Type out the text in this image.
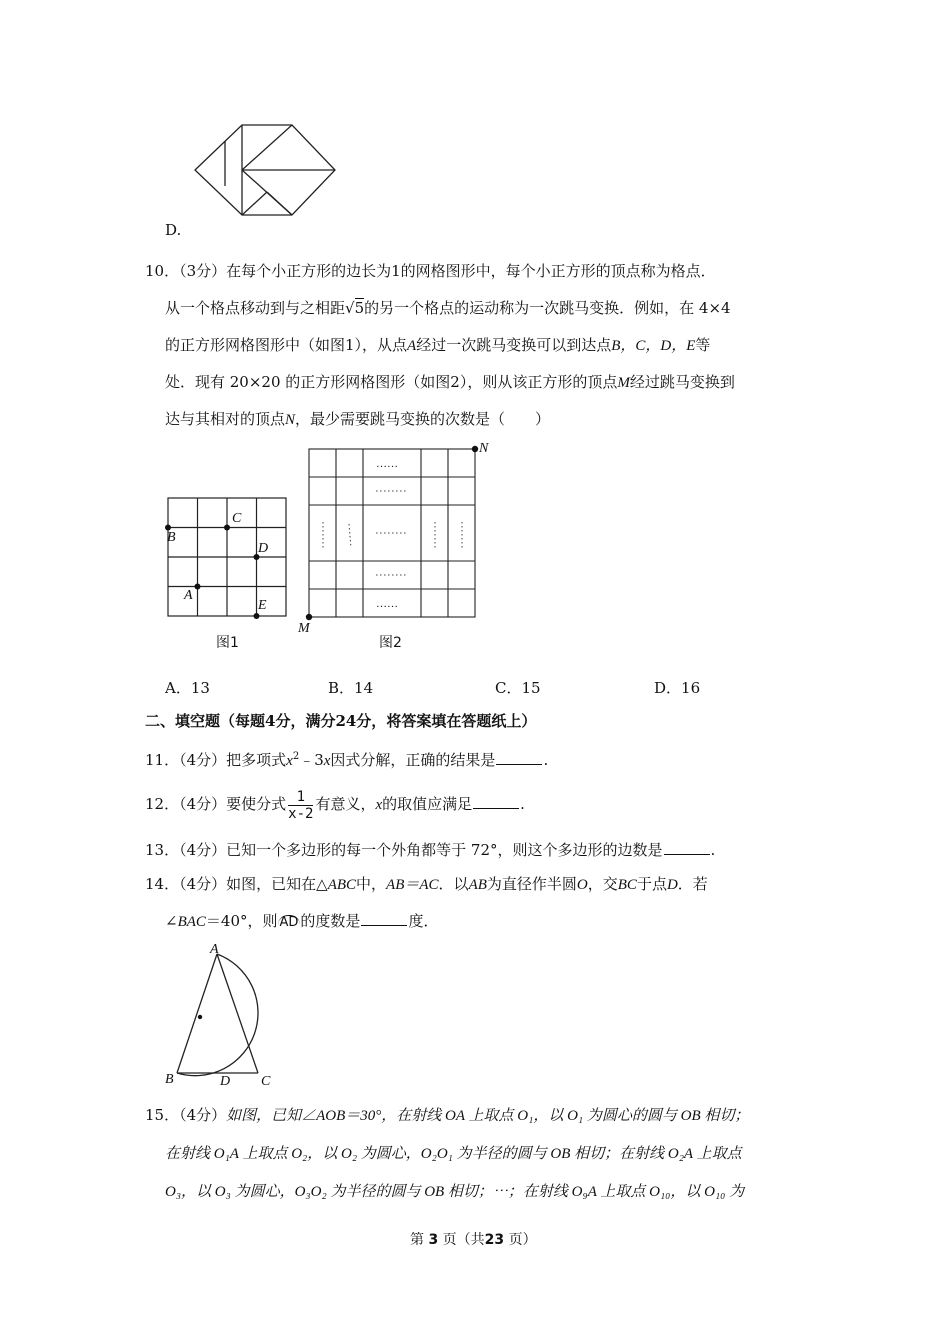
D.
10．（3分）在每个小正方形的边长为1的网格图形中，每个小正方形的顶点称为格点．
从一个格点移动到与之相距√5的另一个格点的运动称为一次跳马变换．例如，在 4×4
的正方形网格图形中（如图1），从点A经过一次跳马变换可以到达点B，C，D，E等
处．现有 20×20 的正方形网格图形（如图2），则从该正方形的顶点M经过跳马变换到
达与其相对的顶点N，最少需要跳马变换的次数是（　　）
B
C
D
A
E
图1
……
……
M
N
图2
A．13	B．14	C．15	D．16
二、填空题（每题4分，满分24分，将答案填在答题纸上）
11．（4分）把多项式$x^2﹣3x$因式分解，正确的结果是	.
12．（4分）要使分式 $\frac{1}{x-2}$ 有意义，x的取值应满足	.
13．（4分）已知一个多边形的每一个外角都等于 72°，则这个多边形的边数是	.
14．（4分）如图，已知在△ABC中，AB＝AC．以AB为直径作半圆O，交BC于点D．若
∠BAC＝40°，则 AD 的度数是	度．
A
B	D C
15．（4分）如图，已知∠AOB＝30°，在射线 OA 上取点 O₁，以 O₁ 为圆心的圆与 OB 相切；
在射线 O₁A 上取点 O₂，以 O₂ 为圆心，O₂O₁ 为半径的圆与 OB 相切；在射线 O₂A 上取点
O₃，以 O₃ 为圆心，O₃O₂ 为半径的圆与 OB 相切；⋯；在射线 O₉A 上取点 O₁₀，以 O₁₀ 为
第 3 页（共23 页）
